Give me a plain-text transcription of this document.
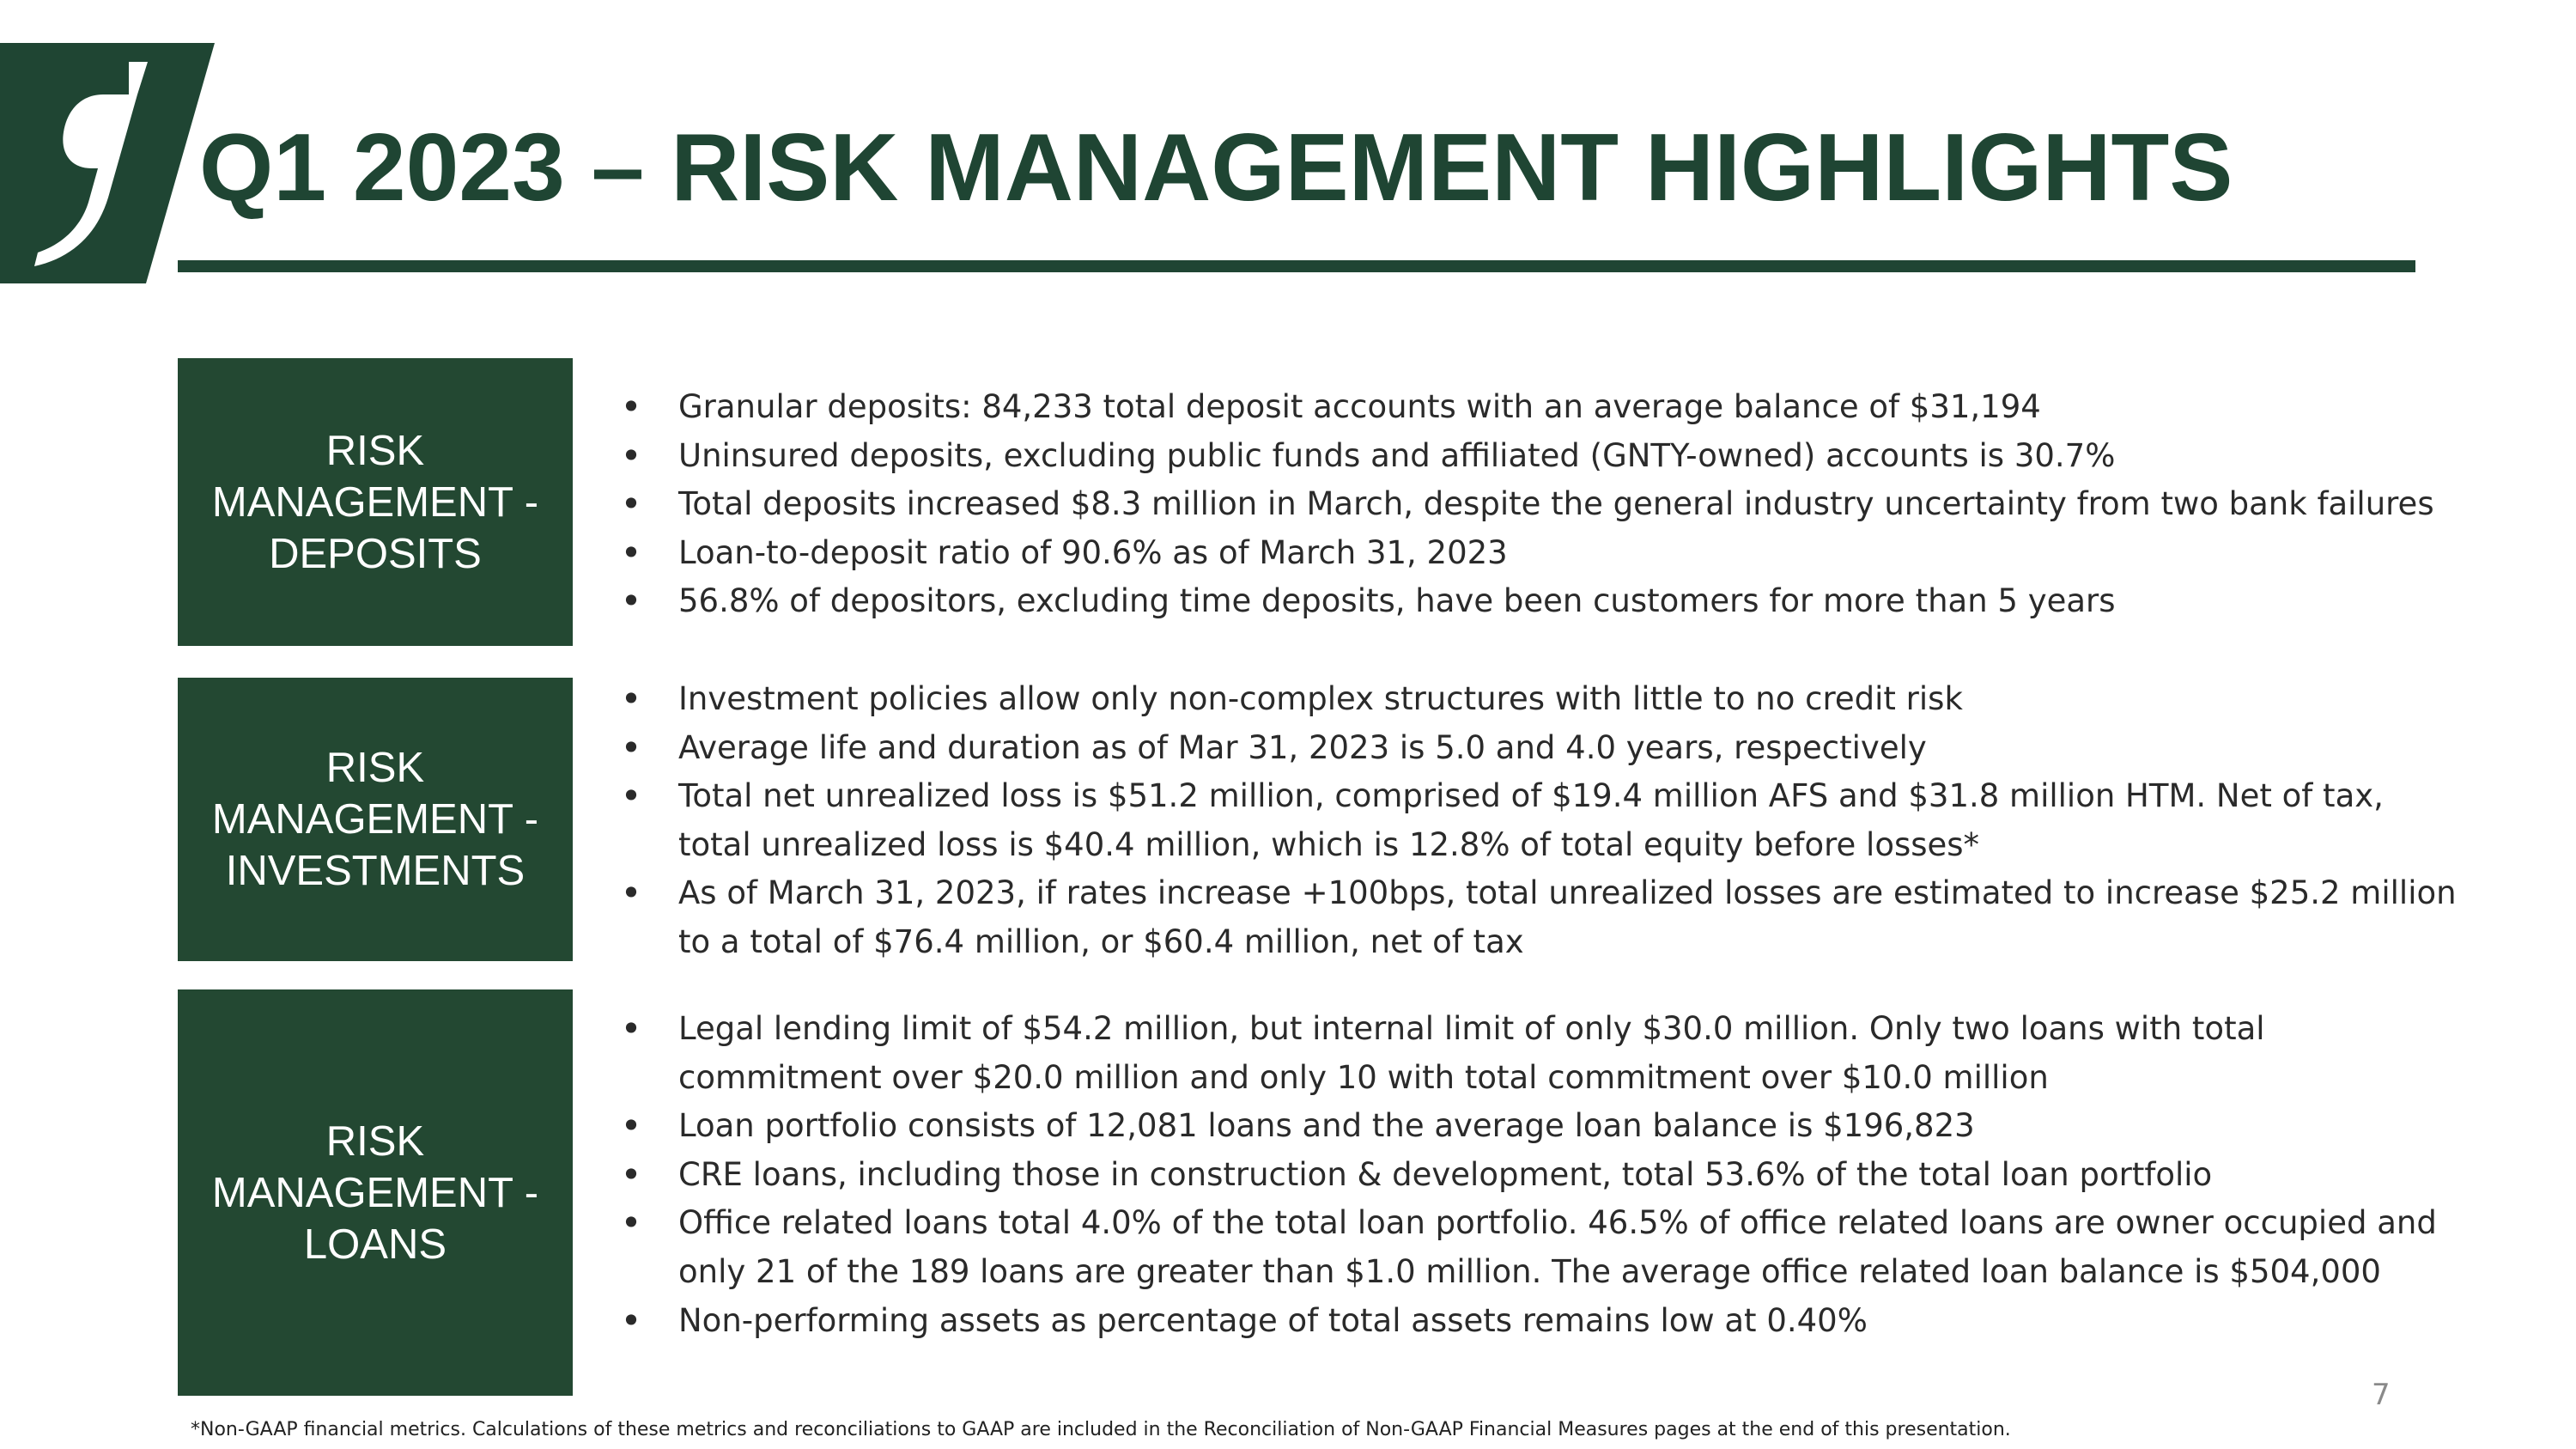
Q1 2023 – RISK MANAGEMENT HIGHLIGHTS
RISK
MANAGEMENT -
DEPOSITS
• Granular deposits: 84,233 total deposit accounts with an average balance of $31,194
• Uninsured deposits, excluding public funds and affiliated (GNTY-owned) accounts is 30.7%
• Total deposits increased $8.3 million in March, despite the general industry uncertainty from two bank failures
• Loan-to-deposit ratio of 90.6% as of March 31, 2023
• 56.8% of depositors, excluding time deposits, have been customers for more than 5 years
RISK
MANAGEMENT -
INVESTMENTS
• Investment policies allow only non-complex structures with little to no credit risk
• Average life and duration as of Mar 31, 2023 is 5.0 and 4.0 years, respectively
• Total net unrealized loss is $51.2 million, comprised of $19.4 million AFS and $31.8 million HTM. Net of tax,
total unrealized loss is $40.4 million, which is 12.8% of total equity before losses*
• As of March 31, 2023, if rates increase +100bps, total unrealized losses are estimated to increase $25.2 million
to a total of $76.4 million, or $60.4 million, net of tax
RISK
MANAGEMENT -
LOANS
• Legal lending limit of $54.2 million, but internal limit of only $30.0 million. Only two loans with total
commitment over $20.0 million and only 10 with total commitment over $10.0 million
• Loan portfolio consists of 12,081 loans and the average loan balance is $196,823
• CRE loans, including those in construction & development, total 53.6% of the total loan portfolio
• Office related loans total 4.0% of the total loan portfolio. 46.5% of office related loans are owner occupied and
only 21 of the 189 loans are greater than $1.0 million. The average office related loan balance is $504,000
• Non-performing assets as percentage of total assets remains low at 0.40%
7
*Non-GAAP financial metrics. Calculations of these metrics and reconciliations to GAAP are included in the Reconciliation of Non-GAAP Financial Measures pages at the end of this presentation.
